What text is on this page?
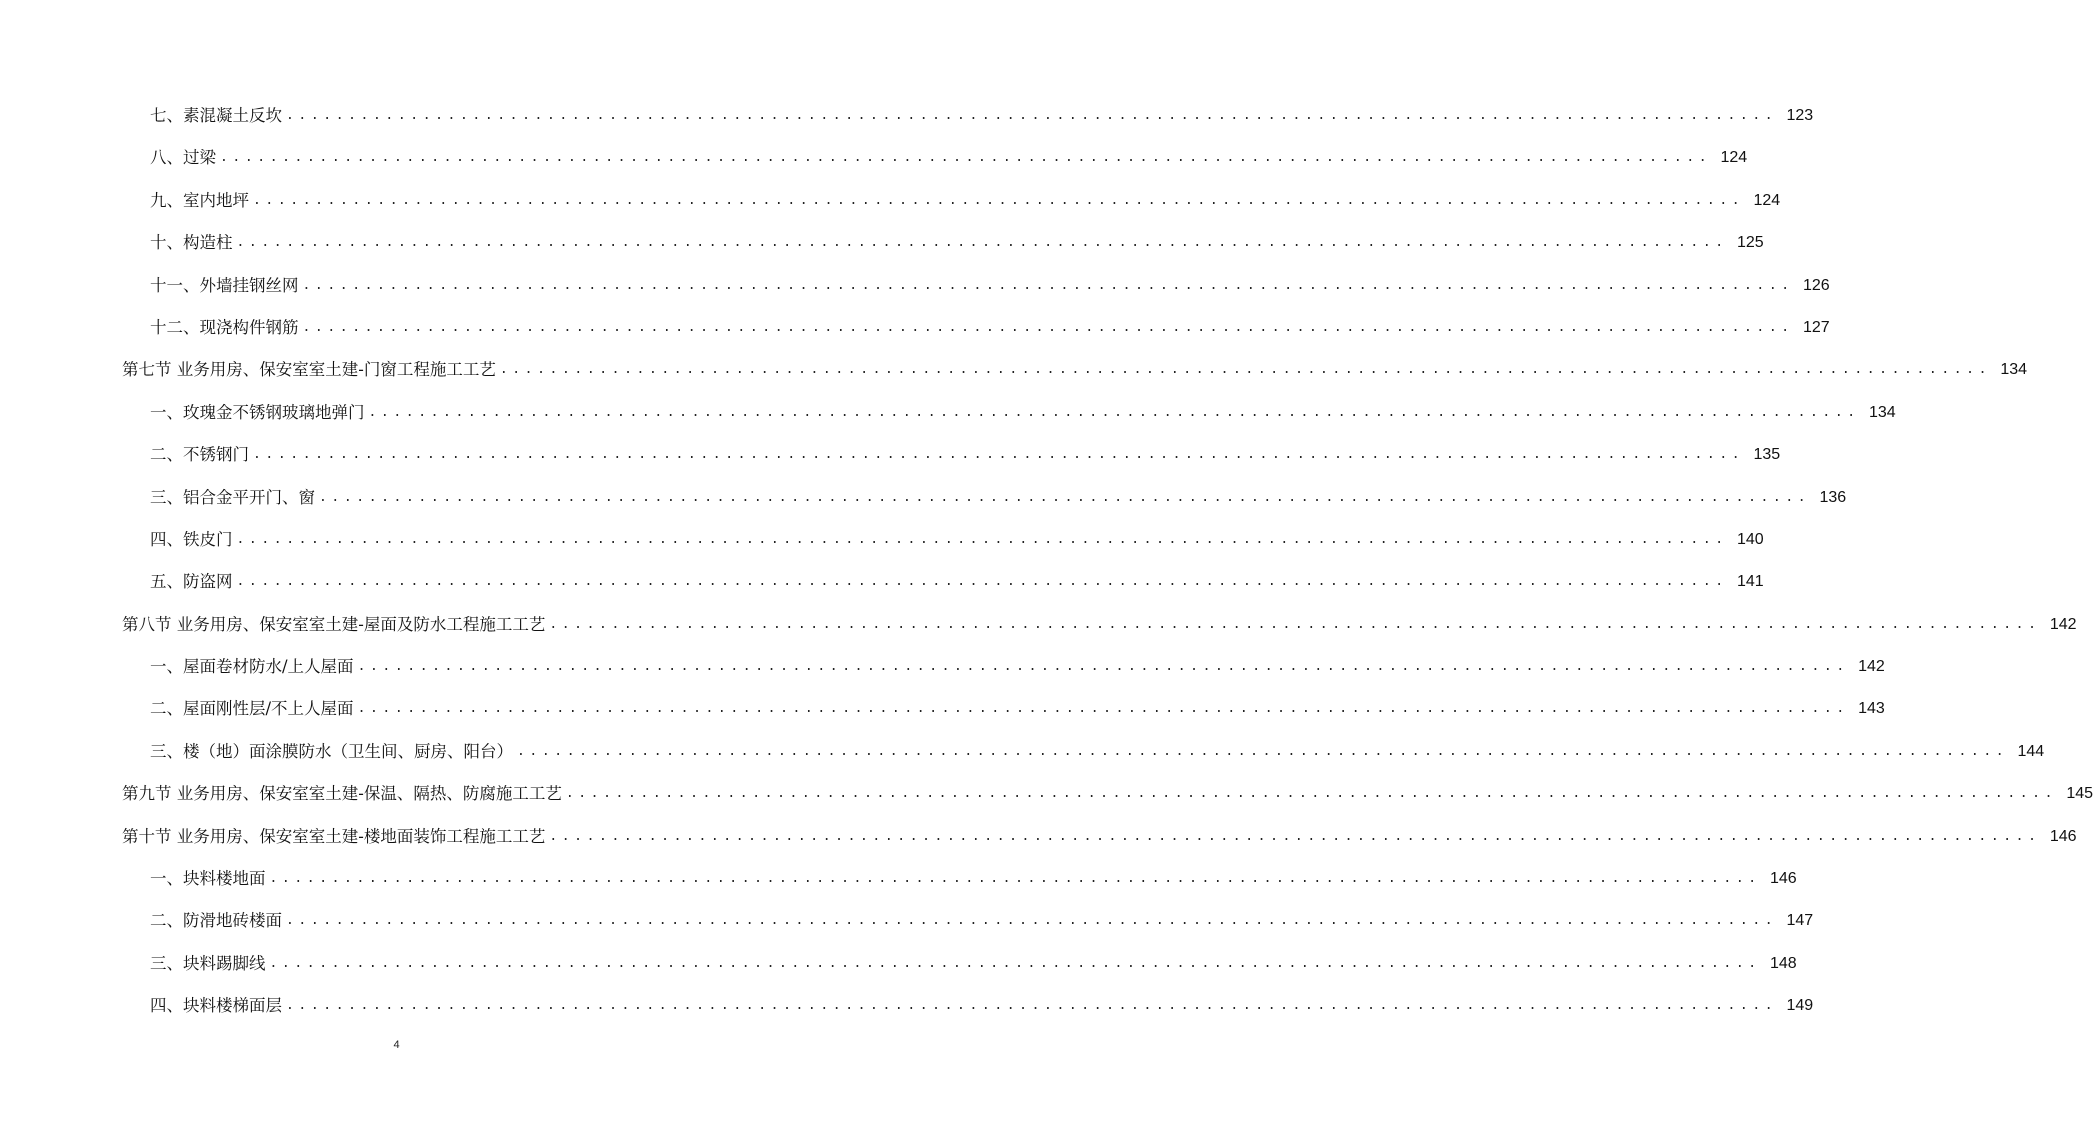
七、素混凝土反坎 ........................................................................................................................ 123
八、过梁 ........................................................................................................................ 124
九、室内地坪 ........................................................................................................................ 124
十、构造柱 ........................................................................................................................ 125
十一、外墙挂钢丝网 ........................................................................................................................ 126
十二、现浇构件钢筋 ........................................................................................................................ 127
第七节 业务用房、保安室室土建-门窗工程施工工艺 ........................................................................................................................ 134
一、玫瑰金不锈钢玻璃地弹门 ........................................................................................................................ 134
二、不锈钢门 ........................................................................................................................ 135
三、铝合金平开门、窗 ........................................................................................................................ 136
四、铁皮门 ........................................................................................................................ 140
五、防盗网 ........................................................................................................................ 141
第八节 业务用房、保安室室土建-屋面及防水工程施工工艺 ........................................................................................................................ 142
一、屋面卷材防水/上人屋面 ........................................................................................................................ 142
二、屋面刚性层/不上人屋面 ........................................................................................................................ 143
三、楼（地）面涂膜防水（卫生间、厨房、阳台） ........................................................................................................................ 144
第九节 业务用房、保安室室土建-保温、隔热、防腐施工工艺 ........................................................................................................................ 145
第十节 业务用房、保安室室土建-楼地面装饰工程施工工艺 ........................................................................................................................ 146
一、块料楼地面 ........................................................................................................................ 146
二、防滑地砖楼面 ........................................................................................................................ 147
三、块料踢脚线 ........................................................................................................................ 148
四、块料楼梯面层 ........................................................................................................................ 149
4
